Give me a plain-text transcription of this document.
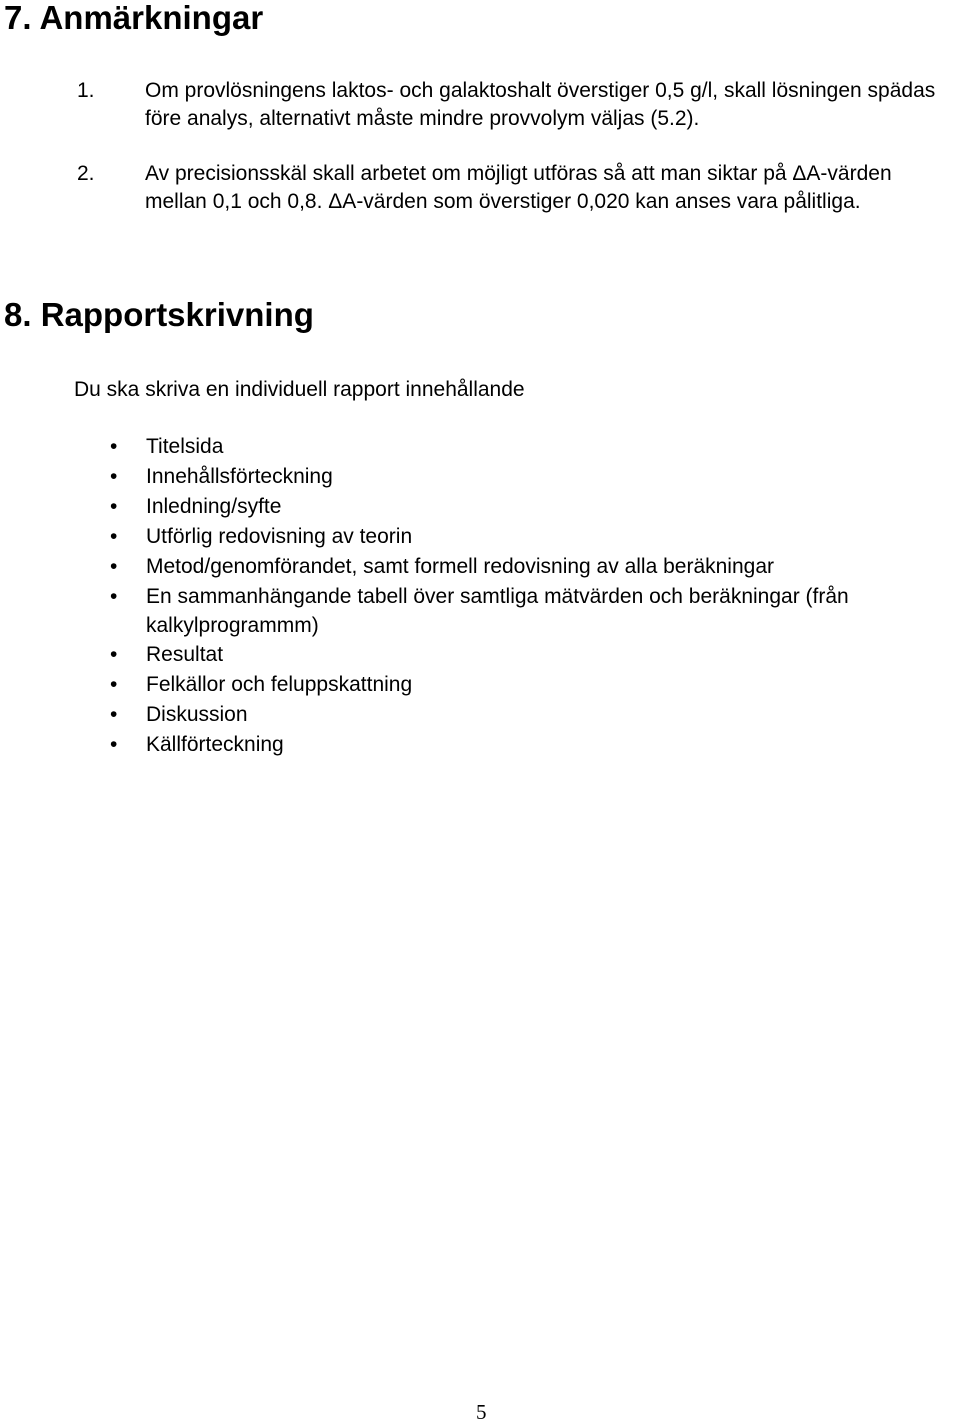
7. Anmärkningar
1. Om provlösningens laktos- och galaktoshalt överstiger 0,5 g/l, skall lösningen spädas före analys, alternativt måste mindre provvolym väljas (5.2).
2. Av precisionsskäl skall arbetet om möjligt utföras så att man siktar på ΔA-värden mellan 0,1 och 0,8. ΔA-värden som överstiger 0,020 kan anses vara pålitliga.
8. Rapportskrivning
Du ska skriva en individuell rapport innehållande
• Titelsida
• Innehållsförteckning
• Inledning/syfte
• Utförlig redovisning av teorin
• Metod/genomförandet, samt formell redovisning av alla beräkningar
• En sammanhängande tabell över samtliga mätvärden och beräkningar (från kalkylprogrammm)
• Resultat
• Felkällor och feluppskattning
• Diskussion
• Källförteckning
5
